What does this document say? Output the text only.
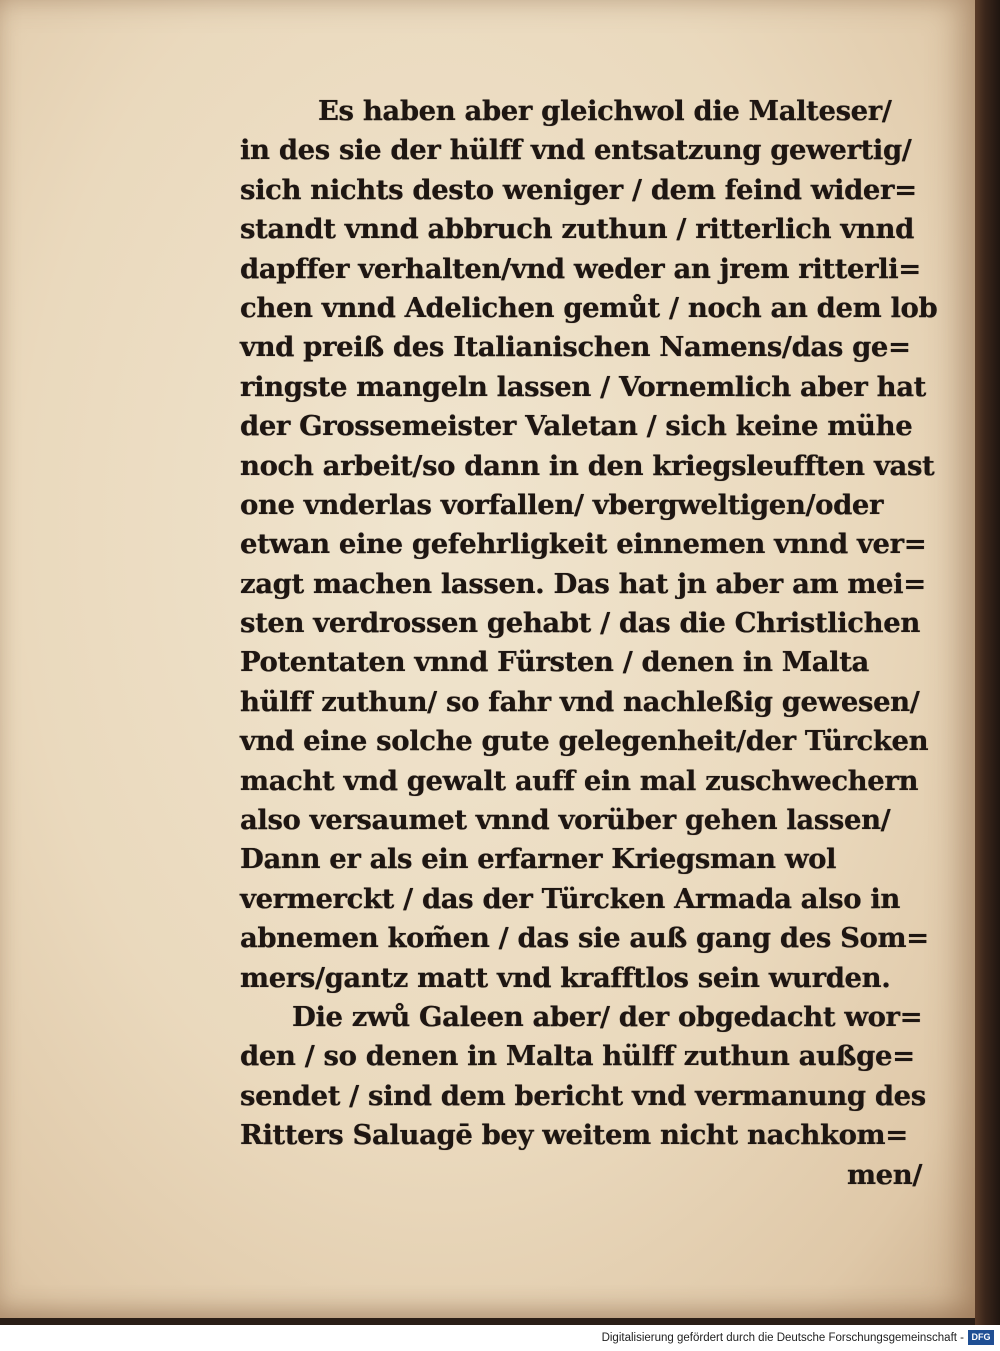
Es haben aber gleichwol die Malteser/
in des sie der hülff vnd entsatzung gewertig/
sich nichts desto weniger / dem feind wider=
standt vnnd abbruch zuthun / ritterlich vnnd
dapffer verhalten/vnd weder an jrem ritterli=
chen vnnd Adelichen gemůt / noch an dem lob
vnd preiß des Italianischen Namens/das ge=
ringste mangeln lassen / Vornemlich aber hat
der Grossemeister Valetan / sich keine mühe
noch arbeit/so dann in den kriegsleufften vast
one vnderlas vorfallen/ vbergweltigen/oder
etwan eine gefehrligkeit einnemen vnnd ver=
zagt machen lassen. Das hat jn aber am mei=
sten verdrossen gehabt / das die Christlichen
Potentaten vnnd Fürsten / denen in Malta
hülff zuthun/ so fahr vnd nachleßig gewesen/
vnd eine solche gute gelegenheit/der Türcken
macht vnd gewalt auff ein mal zuschwechern
also versaumet vnnd vorüber gehen lassen/
Dann er als ein erfarner Kriegsman wol
vermerckt / das der Türcken Armada also in
abnemen kom̃en / das sie auß gang des Som=
mers/gantz matt vnd krafftlos sein wurden.
Die zwů Galeen aber/ der obgedacht wor=
den / so denen in Malta hülff zuthun außge=
sendet / sind dem bericht vnd vermanung des
Ritters Saluagē bey weitem nicht nachkom=
men/
Digitalisierung gefördert durch die Deutsche Forschungsgemeinschaft - DFG
